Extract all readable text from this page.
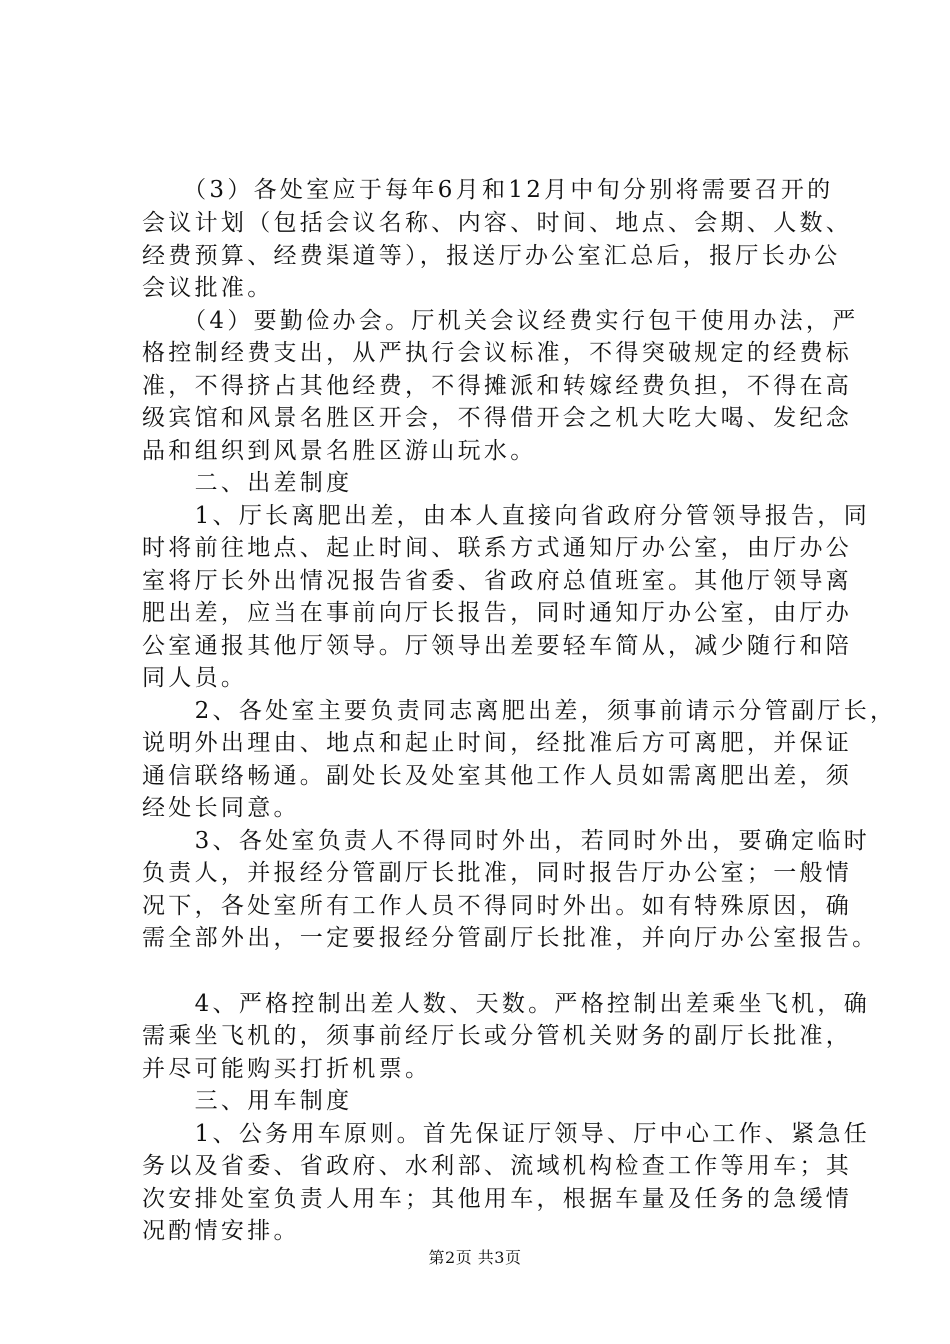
　　（3）各处室应于每年6月和12月中旬分别将需要召开的
会议计划（包括会议名称、内容、时间、地点、会期、人数、
经费预算、经费渠道等），报送厅办公室汇总后，报厅长办公
会议批准。
　　（4）要勤俭办会。厅机关会议经费实行包干使用办法，严
格控制经费支出，从严执行会议标准，不得突破规定的经费标
准，不得挤占其他经费，不得摊派和转嫁经费负担，不得在高
级宾馆和风景名胜区开会，不得借开会之机大吃大喝、发纪念
品和组织到风景名胜区游山玩水。
　　二、出差制度
　　1、厅长离肥出差，由本人直接向省政府分管领导报告，同
时将前往地点、起止时间、联系方式通知厅办公室，由厅办公
室将厅长外出情况报告省委、省政府总值班室。其他厅领导离
肥出差，应当在事前向厅长报告，同时通知厅办公室，由厅办
公室通报其他厅领导。厅领导出差要轻车简从，减少随行和陪
同人员。
　　2、各处室主要负责同志离肥出差，须事前请示分管副厅长，
说明外出理由、地点和起止时间，经批准后方可离肥，并保证
通信联络畅通。副处长及处室其他工作人员如需离肥出差，须
经处长同意。
　　3、各处室负责人不得同时外出，若同时外出，要确定临时
负责人，并报经分管副厅长批准，同时报告厅办公室；一般情
况下，各处室所有工作人员不得同时外出。如有特殊原因，确
需全部外出，一定要报经分管副厅长批准，并向厅办公室报告。
　　4、严格控制出差人数、天数。严格控制出差乘坐飞机，确
需乘坐飞机的，须事前经厅长或分管机关财务的副厅长批准，
并尽可能购买打折机票。
　　三、用车制度
　　1、公务用车原则。首先保证厅领导、厅中心工作、紧急任
务以及省委、省政府、水利部、流域机构检查工作等用车；其
次安排处室负责人用车；其他用车，根据车量及任务的急缓情
况酌情安排。
第2页 共3页
